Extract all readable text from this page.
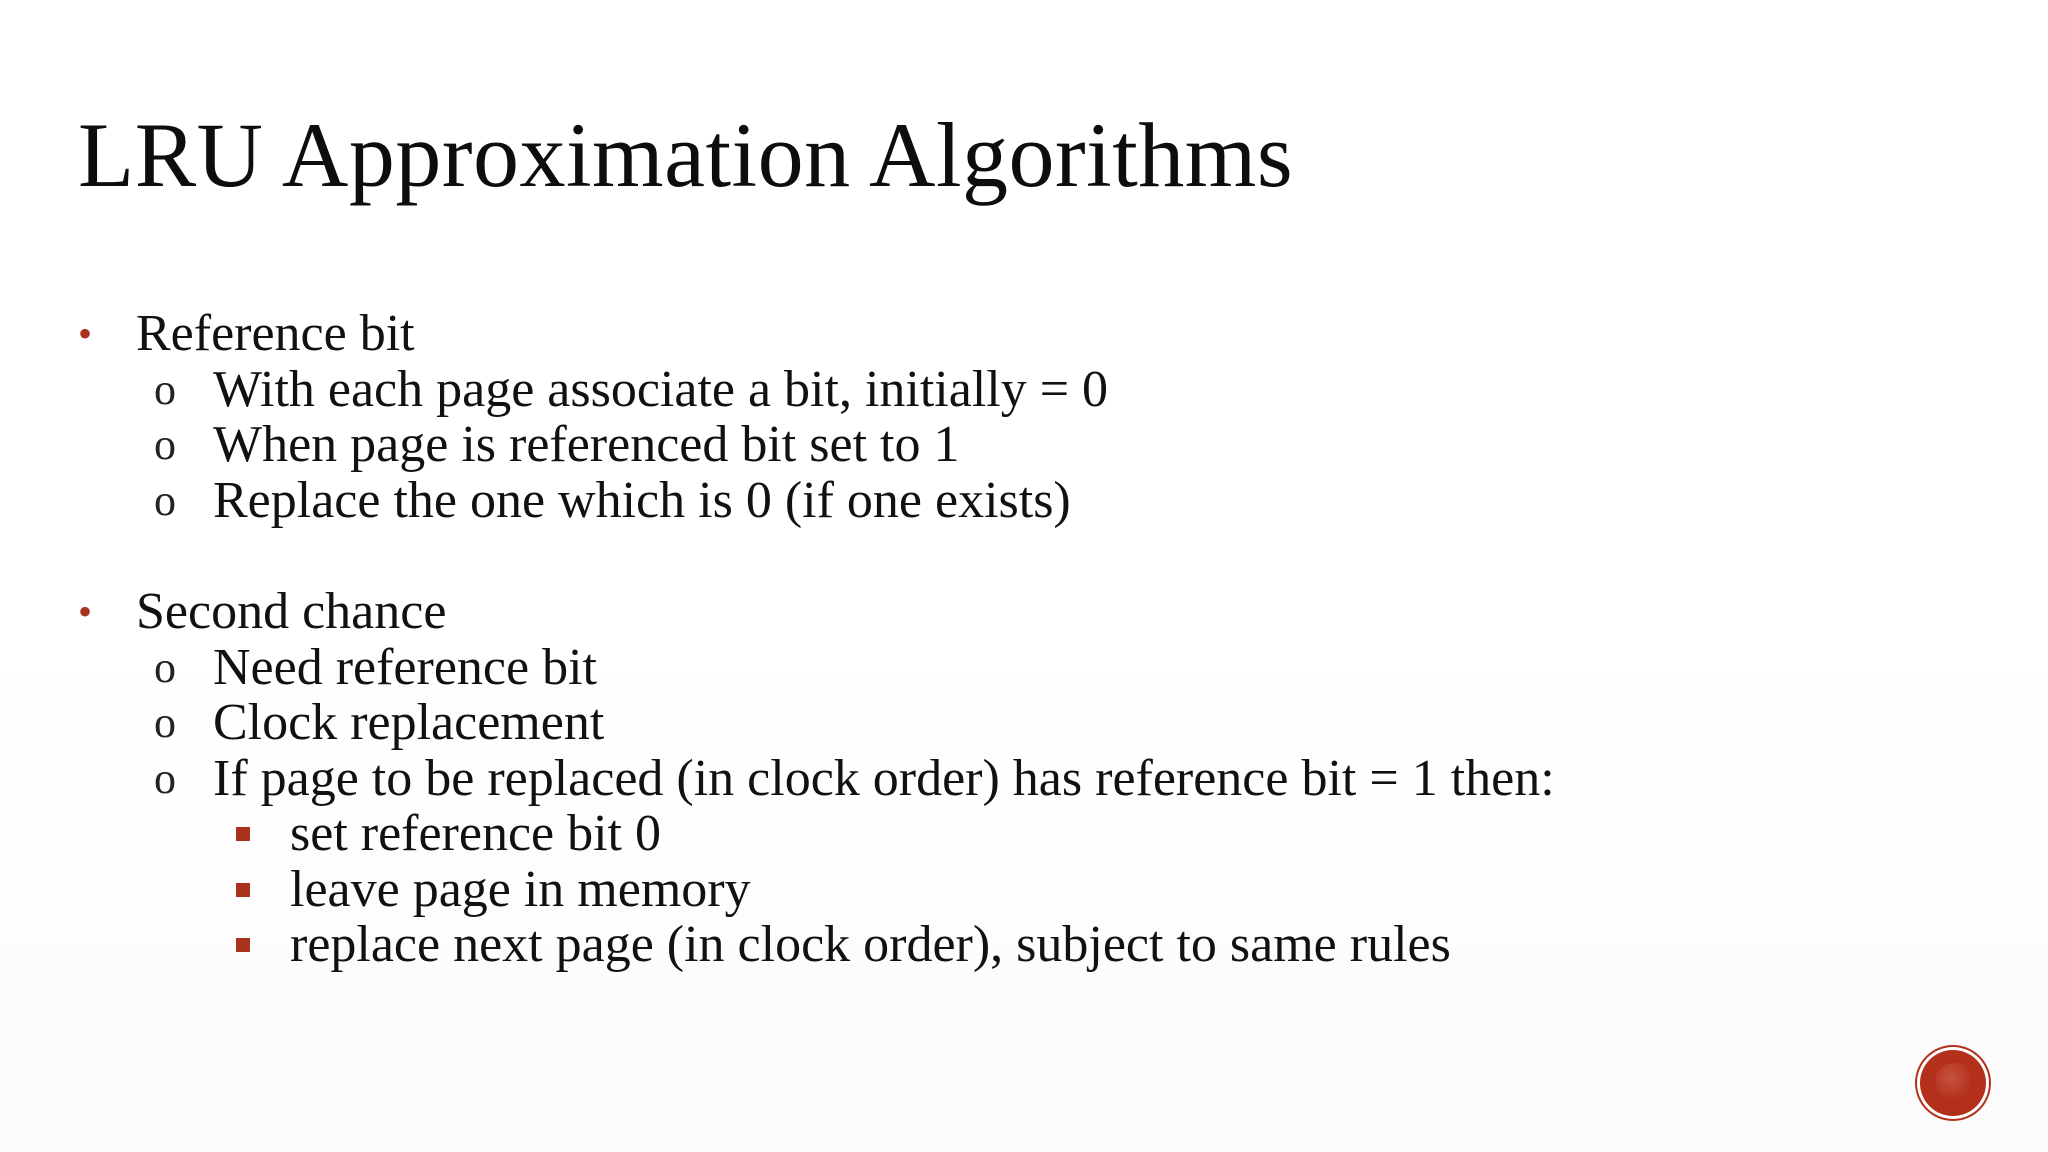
LRU Approximation Algorithms
• Reference bit
o With each page associate a bit, initially = 0
o When page is referenced bit set to 1
o Replace the one which is 0 (if one exists)
• Second chance
o Need reference bit
o Clock replacement
o If page to be replaced (in clock order) has reference bit = 1 then:
set reference bit 0
leave page in memory
replace next page (in clock order), subject to same rules
